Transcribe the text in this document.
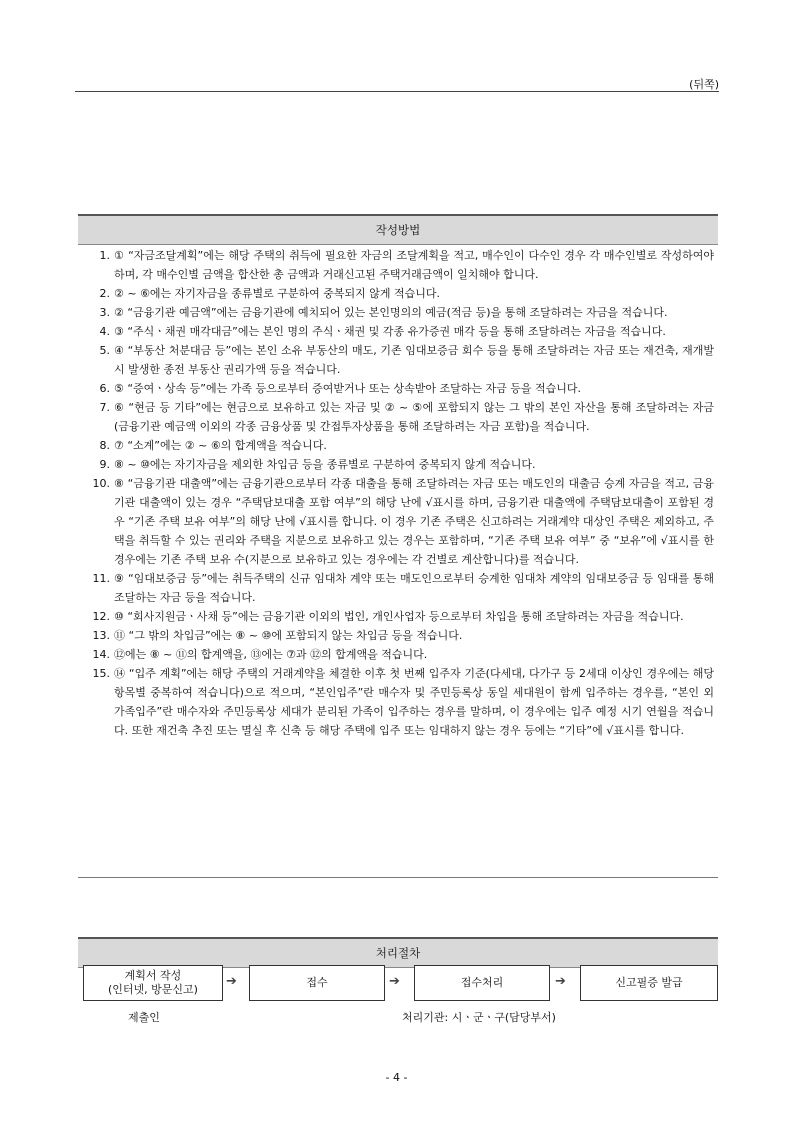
(뒤쪽)
작성방법
1. ① “자금조달계획”에는 해당 주택의 취득에 필요한 자금의 조달계획을 적고, 매수인이 다수인 경우 각 매수인별로 작성하여야 하며, 각 매수인별 금액을 합산한 총 금액과 거래신고된 주택거래금액이 일치해야 합니다.
2. ② ~ ⑥에는 자기자금을 종류별로 구분하여 중복되지 않게 적습니다.
3. ② “금융기관 예금액”에는 금융기관에 예치되어 있는 본인명의의 예금(적금 등)을 통해 조달하려는 자금을 적습니다.
4. ③ “주식ㆍ채권 매각대금”에는 본인 명의 주식ㆍ채권 및 각종 유가증권 매각 등을 통해 조달하려는 자금을 적습니다.
5. ④ “부동산 처분대금 등”에는 본인 소유 부동산의 매도, 기존 임대보증금 회수 등을 통해 조달하려는 자금 또는 재건축, 재개발시 발생한 종전 부동산 권리가액 등을 적습니다.
6. ⑤ “증여ㆍ상속 등”에는 가족 등으로부터 증여받거나 또는 상속받아 조달하는 자금 등을 적습니다.
7. ⑥ “현금 등 기타”에는 현금으로 보유하고 있는 자금 및 ② ~ ⑤에 포함되지 않는 그 밖의 본인 자산을 통해 조달하려는 자금(금융기관 예금액 이외의 각종 금융상품 및 간접투자상품을 통해 조달하려는 자금 포함)을 적습니다.
8. ⑦ “소계”에는 ② ~ ⑥의 합계액을 적습니다.
9. ⑧ ~ ⑩에는 자기자금을 제외한 차입금 등을 종류별로 구분하여 중복되지 않게 적습니다.
10. ⑧ “금융기관 대출액”에는 금융기관으로부터 각종 대출을 통해 조달하려는 자금 또는 매도인의 대출금 승계 자금을 적고, 금융기관 대출액이 있는 경우 “주택담보대출 포함 여부”의 해당 난에 √표시를 하며, 금융기관 대출액에 주택담보대출이 포함된 경우 “기존 주택 보유 여부”의 해당 난에 √표시를 합니다. 이 경우 기존 주택은 신고하려는 거래계약 대상인 주택은 제외하고, 주택을 취득할 수 있는 권리와 주택을 지분으로 보유하고 있는 경우는 포함하며, “기존 주택 보유 여부” 중 “보유”에 √표시를 한 경우에는 기존 주택 보유 수(지분으로 보유하고 있는 경우에는 각 건별로 계산합니다)를 적습니다.
11. ⑨ “임대보증금 등”에는 취득주택의 신규 임대차 계약 또는 매도인으로부터 승계한 임대차 계약의 임대보증금 등 임대를 통해 조달하는 자금 등을 적습니다.
12. ⑩ “회사지원금ㆍ사채 등”에는 금융기관 이외의 법인, 개인사업자 등으로부터 차입을 통해 조달하려는 자금을 적습니다.
13. ⑪ “그 밖의 차입금”에는 ⑧ ~ ⑩에 포함되지 않는 차입금 등을 적습니다.
14. ⑫에는 ⑧ ~ ⑪의 합계액을, ⑬에는 ⑦과 ⑫의 합계액을 적습니다.
15. ⑭ “입주 계획”에는 해당 주택의 거래계약을 체결한 이후 첫 번째 입주자 기준(다세대, 다가구 등 2세대 이상인 경우에는 해당 항목별 중복하여 적습니다)으로 적으며, “본인입주”란 매수자 및 주민등록상 동일 세대원이 함께 입주하는 경우를, “본인 외 가족입주”란 매수자와 주민등록상 세대가 분리된 가족이 입주하는 경우를 말하며, 이 경우에는 입주 예정 시기 연월을 적습니다. 또한 재건축 추진 또는 멸실 후 신축 등 해당 주택에 입주 또는 임대하지 않는 경우 등에는 “기타”에 √표시를 합니다.
처리절차
계획서 작성
(인터넷, 방문신고)
➔	접수	➔	접수처리	➔	신고필증 발급
제출인	처리기관: 시ㆍ군ㆍ구(담당부서)
- 4 -
